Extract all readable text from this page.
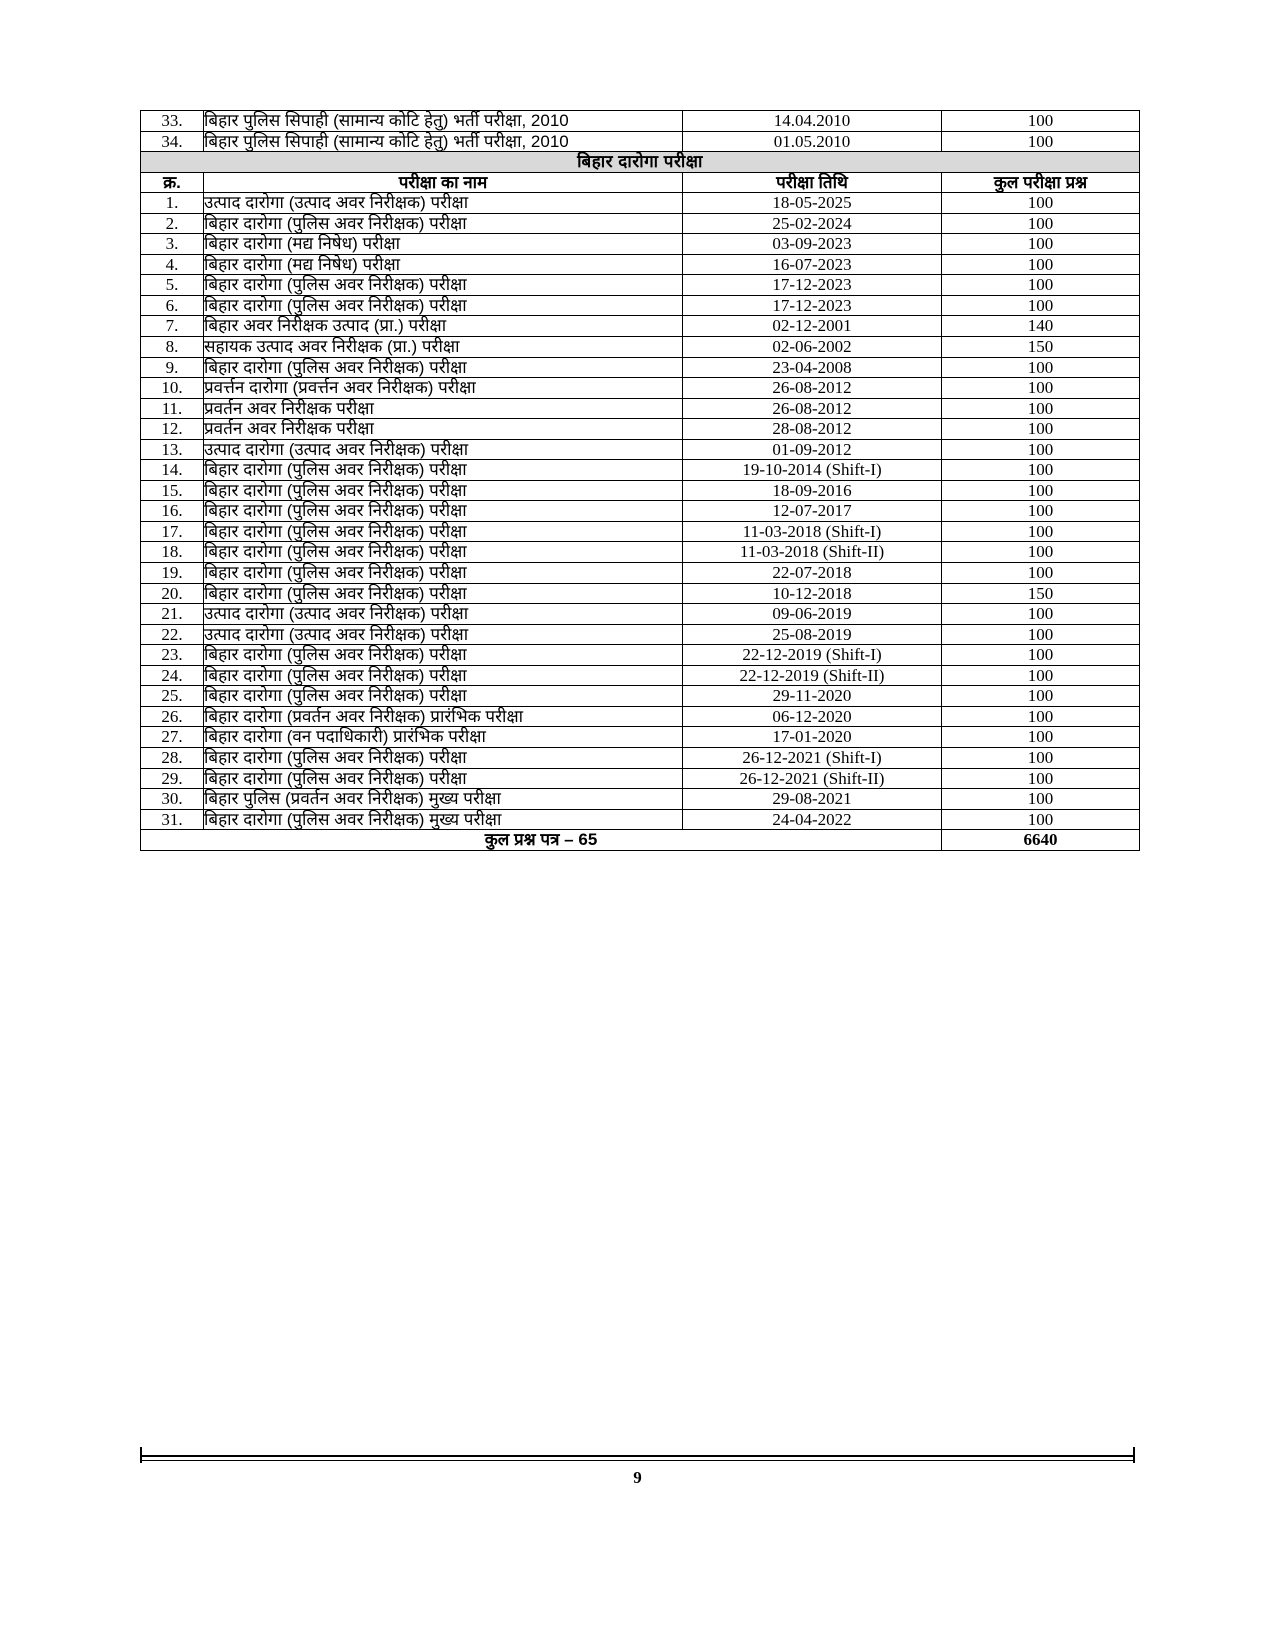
33.	बिहार पुलिस सिपाही (सामान्य कोटि हेतु) भर्ती परीक्षा, 2010	14.04.2010	100
34.	बिहार पुलिस सिपाही (सामान्य कोटि हेतु) भर्ती परीक्षा, 2010	01.05.2010	100
बिहार दारोगा परीक्षा			
क्र.	परीक्षा का नाम	परीक्षा तिथि	कुल परीक्षा प्रश्न
1.	उत्पाद दारोगा (उत्पाद अवर निरीक्षक) परीक्षा	18-05-2025	100
2.	बिहार दारोगा (पुलिस अवर निरीक्षक) परीक्षा	25-02-2024	100
3.	बिहार दारोगा (मद्य निषेध) परीक्षा	03-09-2023	100
4.	बिहार दारोगा (मद्य निषेध) परीक्षा	16-07-2023	100
5.	बिहार दारोगा (पुलिस अवर निरीक्षक) परीक्षा	17-12-2023	100
6.	बिहार दारोगा (पुलिस अवर निरीक्षक) परीक्षा	17-12-2023	100
7.	बिहार अवर निरीक्षक उत्पाद (प्रा.) परीक्षा	02-12-2001	140
8.	सहायक उत्पाद अवर निरीक्षक (प्रा.) परीक्षा	02-06-2002	150
9.	बिहार दारोगा (पुलिस अवर निरीक्षक) परीक्षा	23-04-2008	100
10.	प्रवर्त्तन दारोगा (प्रवर्त्तन अवर निरीक्षक) परीक्षा	26-08-2012	100
11.	प्रवर्तन अवर निरीक्षक परीक्षा	26-08-2012	100
12.	प्रवर्तन अवर निरीक्षक परीक्षा	28-08-2012	100
13.	उत्पाद दारोगा (उत्पाद अवर निरीक्षक) परीक्षा	01-09-2012	100
14.	बिहार दारोगा (पुलिस अवर निरीक्षक) परीक्षा	19-10-2014 (Shift-I)	100
15.	बिहार दारोगा (पुलिस अवर निरीक्षक) परीक्षा	18-09-2016	100
16.	बिहार दारोगा (पुलिस अवर निरीक्षक) परीक्षा	12-07-2017	100
17.	बिहार दारोगा (पुलिस अवर निरीक्षक) परीक्षा	11-03-2018 (Shift-I)	100
18.	बिहार दारोगा (पुलिस अवर निरीक्षक) परीक्षा	11-03-2018 (Shift-II)	100
19.	बिहार दारोगा (पुलिस अवर निरीक्षक) परीक्षा	22-07-2018	100
20.	बिहार दारोगा (पुलिस अवर निरीक्षक) परीक्षा	10-12-2018	150
21.	उत्पाद दारोगा (उत्पाद अवर निरीक्षक) परीक्षा	09-06-2019	100
22.	उत्पाद दारोगा (उत्पाद अवर निरीक्षक) परीक्षा	25-08-2019	100
23.	बिहार दारोगा (पुलिस अवर निरीक्षक) परीक्षा	22-12-2019 (Shift-I)	100
24.	बिहार दारोगा (पुलिस अवर निरीक्षक) परीक्षा	22-12-2019 (Shift-II)	100
25.	बिहार दारोगा (पुलिस अवर निरीक्षक) परीक्षा	29-11-2020	100
26.	बिहार दारोगा (प्रवर्तन अवर निरीक्षक) प्रारंभिक परीक्षा	06-12-2020	100
27.	बिहार दारोगा (वन पदाधिकारी) प्रारंभिक परीक्षा	17-01-2020	100
28.	बिहार दारोगा (पुलिस अवर निरीक्षक) परीक्षा	26-12-2021 (Shift-I)	100
29.	बिहार दारोगा (पुलिस अवर निरीक्षक) परीक्षा	26-12-2021 (Shift-II)	100
30.	बिहार पुलिस (प्रवर्तन अवर निरीक्षक) मुख्य परीक्षा	29-08-2021	100
31.	बिहार दारोगा (पुलिस अवर निरीक्षक) मुख्य परीक्षा	24-04-2022	100
कुल प्रश्न पत्र – 65			6640
9
